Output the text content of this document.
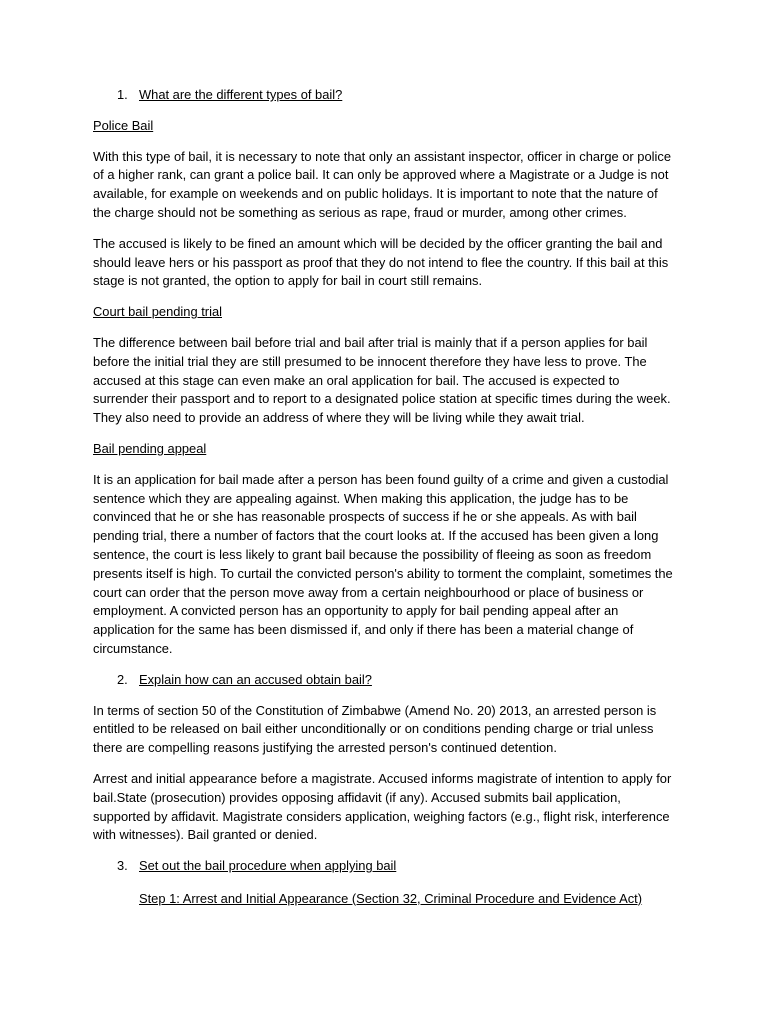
1. What are the different types of bail?
Police Bail

With this type of bail, it is necessary to note that only an assistant inspector, officer in charge or police of a higher rank, can grant a police bail. It can only be approved where a Magistrate or a Judge is not available, for example on weekends and on public holidays. It is important to note that the nature of the charge should not be something as serious as rape, fraud or murder, among other crimes.

The accused is likely to be fined an amount which will be decided by the officer granting the bail and should leave hers or his passport as proof that they do not intend to flee the country. If this bail at this stage is not granted, the option to apply for bail in court still remains.

Court bail pending trial

The difference between bail before trial and bail after trial is mainly that if a person applies for bail before the initial trial they are still presumed to be innocent therefore they have less to prove. The accused at this stage can even make an oral application for bail. The accused is expected to surrender their passport and to report to a designated police station at specific times during the week. They also need to provide an address of where they will be living while they await trial.

Bail pending appeal

It is an application for bail made after a person has been found guilty of a crime and given a custodial sentence which they are appealing against. When making this application, the judge has to be convinced that he or she has reasonable prospects of success if he or she appeals. As with bail pending trial, there a number of factors that the court looks at. If the accused has been given a long sentence, the court is less likely to grant bail because the possibility of fleeing as soon as freedom presents itself is high. To curtail the convicted person's ability to torment the complaint, sometimes the court can order that the person move away from a certain neighbourhood or place of business or employment. A convicted person has an opportunity to apply for bail pending appeal after an application for the same has been dismissed if, and only if there has been a material change of circumstance.

2. Explain how can an accused obtain bail?

In terms of section 50 of the Constitution of Zimbabwe (Amend No. 20) 2013, an arrested person is entitled to be released on bail either unconditionally or on conditions pending charge or trial unless there are compelling reasons justifying the arrested person's continued detention.

Arrest and initial appearance before a magistrate. Accused informs magistrate of intention to apply for bail.State (prosecution) provides opposing affidavit (if any). Accused submits bail application, supported by affidavit. Magistrate considers application, weighing factors (e.g., flight risk, interference with witnesses). Bail granted or denied.

3. Set out the bail procedure when applying bail
Step 1: Arrest and Initial Appearance (Section 32, Criminal Procedure and Evidence Act)
